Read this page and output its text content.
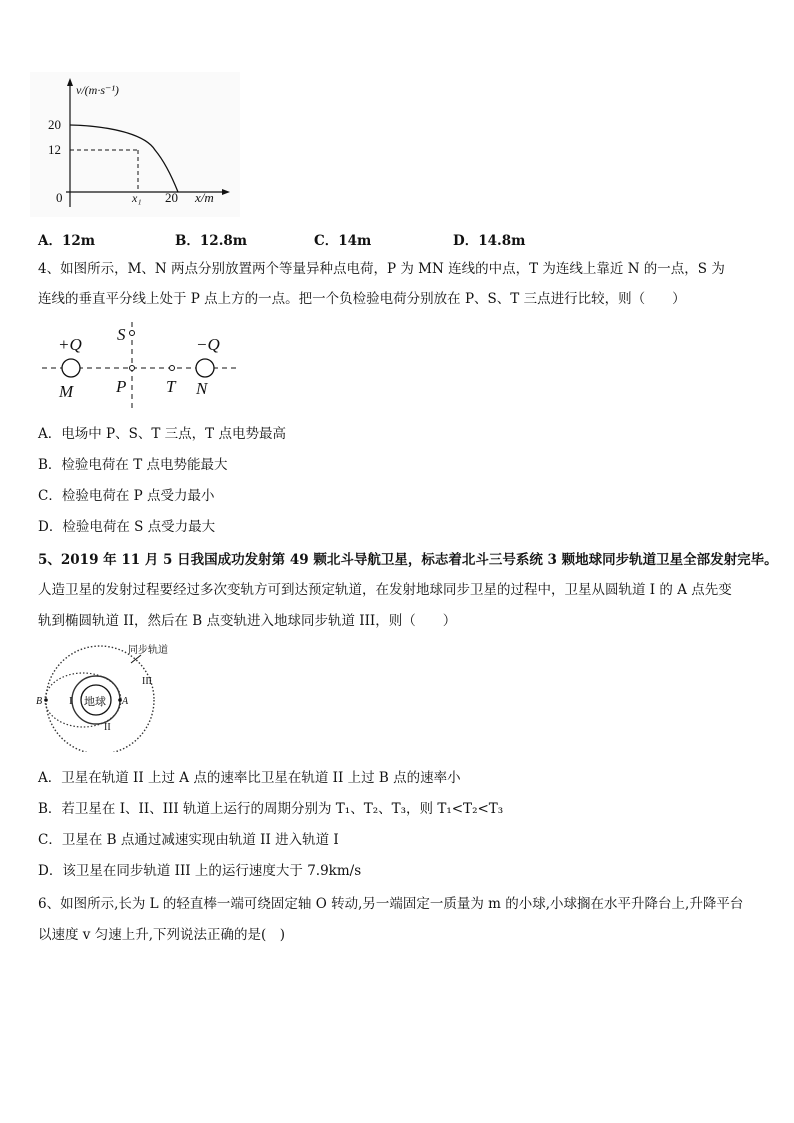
v/(m·s⁻¹)
20
12
0	x₁ 20 x/m
A．12m	B．12.8m	C．14m	D．14.8m
4、如图所示，M、N 两点分别放置两个等量异种点电荷，P 为 MN 连线的中点，T 为连线上靠近 N 的一点，S 为
连线的垂直平分线上处于 P 点上方的一点。把一个负检验电荷分别放在 P、S、T 三点进行比较，则（　　）
+Q	−Q
S
M	P T N
A．电场中 P、S、T 三点，T 点电势最高
B．检验电荷在 T 点电势能最大
C．检验电荷在 P 点受力最小
D．检验电荷在 S 点受力最大
5、2019 年 11 月 5 日我国成功发射第 49 颗北斗导航卫星，标志着北斗三号系统 3 颗地球同步轨道卫星全部发射完毕。
人造卫星的发射过程要经过多次变轨方可到达预定轨道，在发射地球同步卫星的过程中，卫星从圆轨道 I 的 A 点先变
轨到椭圆轨道 II，然后在 B 点变轨进入地球同步轨道 III，则（　　）
地球 A
B I
II
III
同步轨道
A．卫星在轨道 II 上过 A 点的速率比卫星在轨道 II 上过 B 点的速率小
B．若卫星在 I、II、III 轨道上运行的周期分别为 T₁、T₂、T₃，则 T₁<T₂<T₃
C．卫星在 B 点通过减速实现由轨道 II 进入轨道 I
D．该卫星在同步轨道 III 上的运行速度大于 7.9km/s
6、如图所示,长为 L 的轻直棒一端可绕固定轴 O 转动,另一端固定一质量为 m 的小球,小球搁在水平升降台上,升降平台
以速度 v 匀速上升,下列说法正确的是(　)
